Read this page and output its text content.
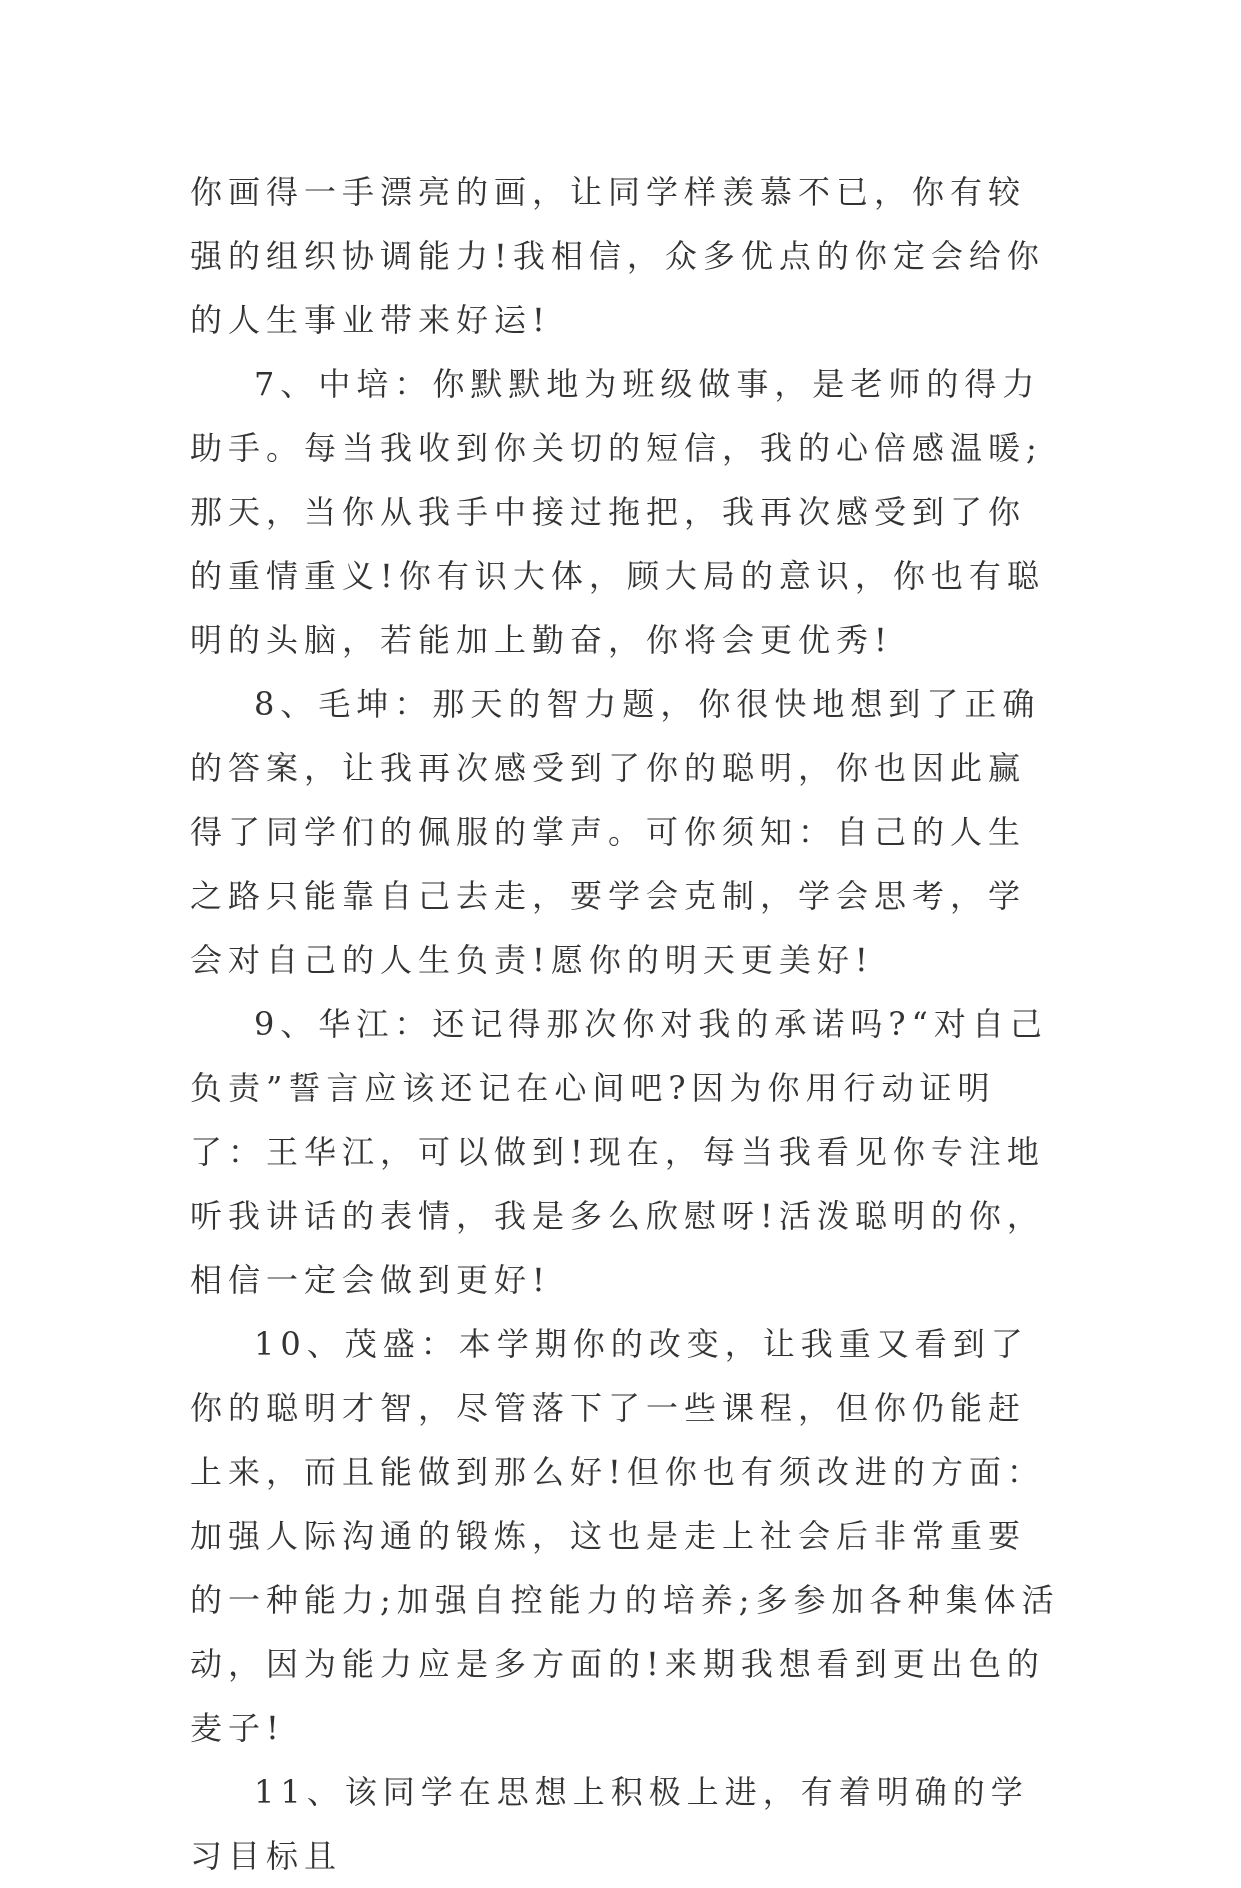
你画得一手漂亮的画，让同学样羡慕不已，你有较强的组织协调能力!我相信，众多优点的你定会给你的人生事业带来好运!

7、中培：你默默地为班级做事，是老师的得力助手。每当我收到你关切的短信，我的心倍感温暖;那天，当你从我手中接过拖把，我再次感受到了你的重情重义!你有识大体，顾大局的意识，你也有聪明的头脑，若能加上勤奋，你将会更优秀!

8、毛坤：那天的智力题，你很快地想到了正确的答案，让我再次感受到了你的聪明，你也因此赢得了同学们的佩服的掌声。可你须知：自己的人生之路只能靠自己去走，要学会克制，学会思考，学会对自己的人生负责!愿你的明天更美好!

9、华江：还记得那次你对我的承诺吗?“对自己负责”誓言应该还记在心间吧?因为你用行动证明了：王华江，可以做到!现在，每当我看见你专注地听我讲话的表情，我是多么欣慰呀!活泼聪明的你，相信一定会做到更好!

10、茂盛：本学期你的改变，让我重又看到了你的聪明才智，尽管落下了一些课程，但你仍能赶上来，而且能做到那么好!但你也有须改进的方面：加强人际沟通的锻炼，这也是走上社会后非常重要的一种能力;加强自控能力的培养;多参加各种集体活动，因为能力应是多方面的!来期我想看到更出色的麦子!

11、该同学在思想上积极上进，有着明确的学习目标且
